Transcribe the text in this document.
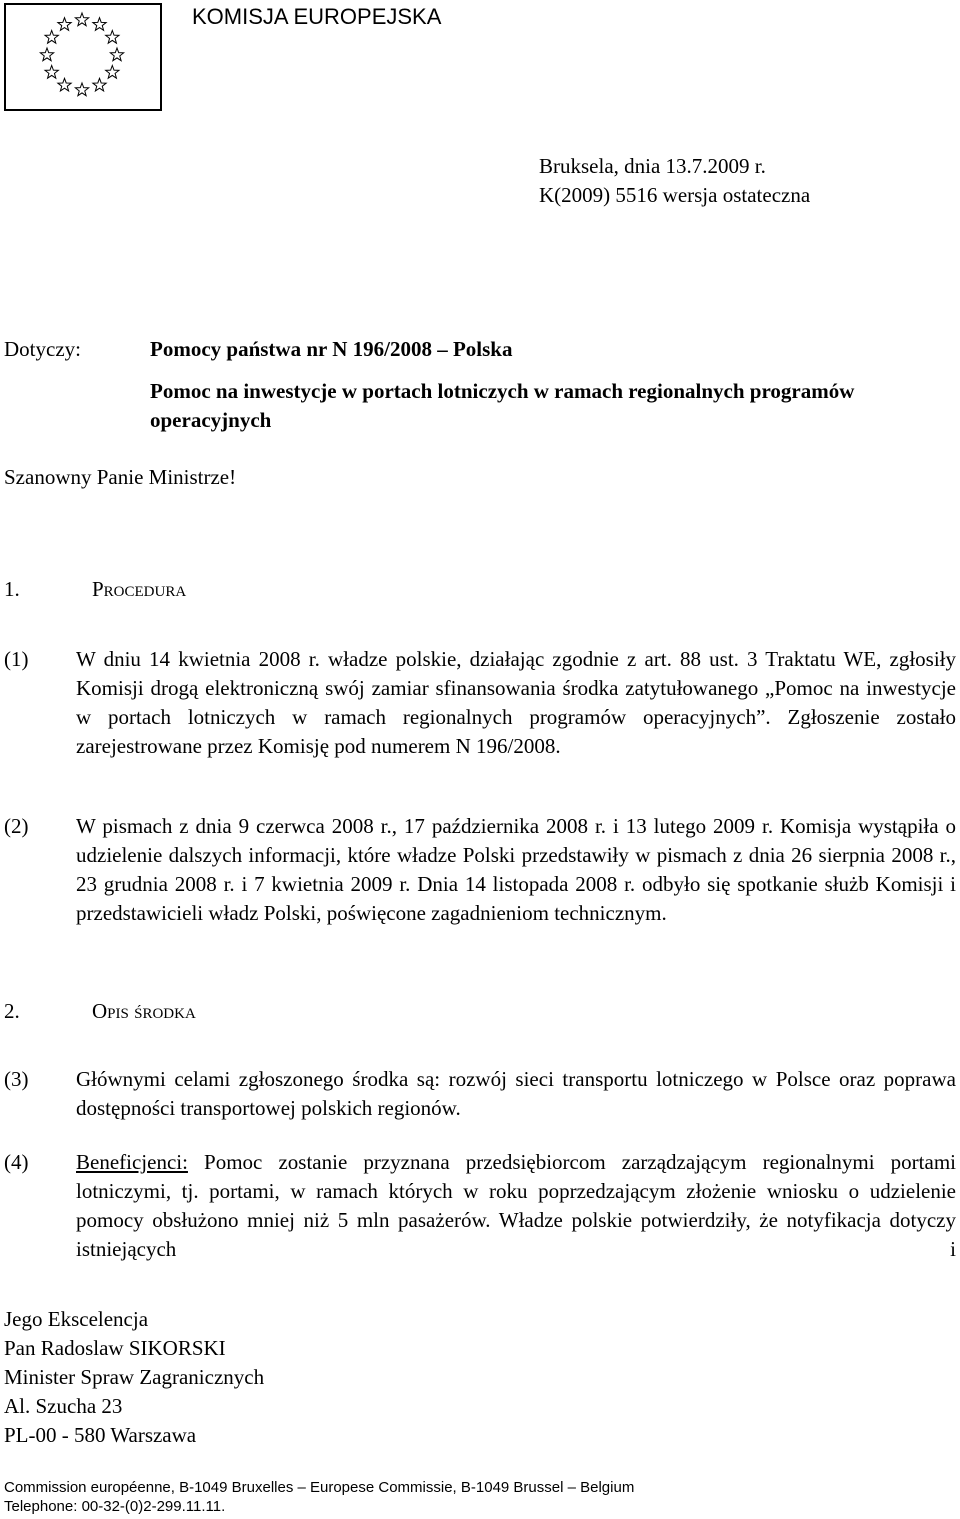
KOMISJA EUROPEJSKA
Bruksela, dnia 13.7.2009 r.
K(2009) 5516 wersja ostateczna
Dotyczy:	Pomocy państwa nr N 196/2008 – Polska
Pomoc na inwestycje w portach lotniczych w ramach regionalnych programów operacyjnych
Szanowny Panie Ministrze!
1.	Procedura
(1) W dniu 14 kwietnia 2008 r. władze polskie, działając zgodnie z art. 88 ust. 3 Traktatu WE, zgłosiły Komisji drogą elektroniczną swój zamiar sfinansowania środka zatytułowanego „Pomoc na inwestycje w portach lotniczych w ramach regionalnych programów operacyjnych”. Zgłoszenie zostało zarejestrowane przez Komisję pod numerem N 196/2008.
(2) W pismach z dnia 9 czerwca 2008 r., 17 października 2008 r. i 13 lutego 2009 r. Komisja wystąpiła o udzielenie dalszych informacji, które władze Polski przedstawiły w pismach z dnia 26 sierpnia 2008 r., 23 grudnia 2008 r. i 7 kwietnia 2009 r. Dnia 14 listopada 2008 r. odbyło się spotkanie służb Komisji i przedstawicieli władz Polski, poświęcone zagadnieniom technicznym.
2.	Opis środka
(3) Głównymi celami zgłoszonego środka są: rozwój sieci transportu lotniczego w Polsce oraz poprawa dostępności transportowej polskich regionów.
(4) Beneficjenci: Pomoc zostanie przyznana przedsiębiorcom zarządzającym regionalnymi portami lotniczymi, tj. portami, w ramach których w roku poprzedzającym złożenie wniosku o udzielenie pomocy obsłużono mniej niż 5 mln pasażerów. Władze polskie potwierdziły, że notyfikacja dotyczy istniejących i
Jego Ekscelencja
Pan Radoslaw SIKORSKI
Minister Spraw Zagranicznych
Al. Szucha 23
PL-00 - 580 Warszawa
Commission européenne, B-1049 Bruxelles – Europese Commissie, B-1049 Brussel – Belgium
Telephone: 00-32-(0)2-299.11.11.
